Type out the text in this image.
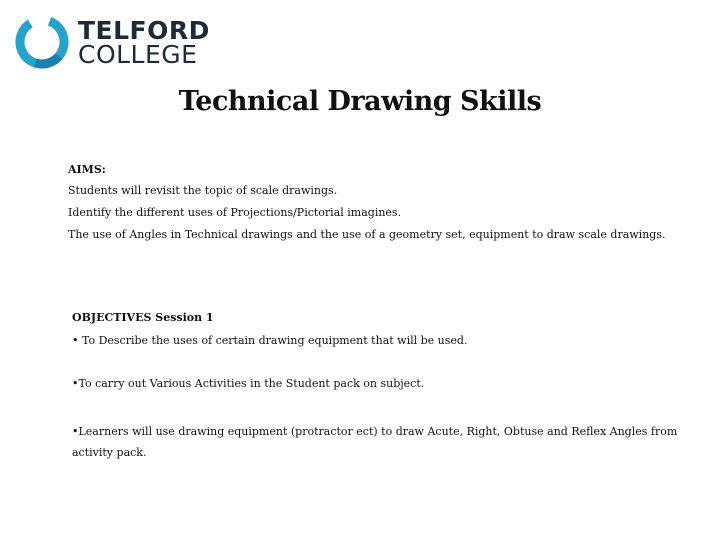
TELFORD
COLLEGE
Technical Drawing Skills
AIMS:
Students will revisit the topic of scale drawings.
Identify the different uses of Projections/Pictorial imagines.
The use of Angles in Technical drawings and the use of a geometry set, equipment to draw scale drawings.
OBJECTIVES Session 1
• To Describe the uses of certain drawing equipment that will be used.
•To carry out Various Activities in the Student pack on subject.
•Learners will use drawing equipment (protractor ect) to draw Acute, Right, Obtuse and Reflex Angles from activity pack.
